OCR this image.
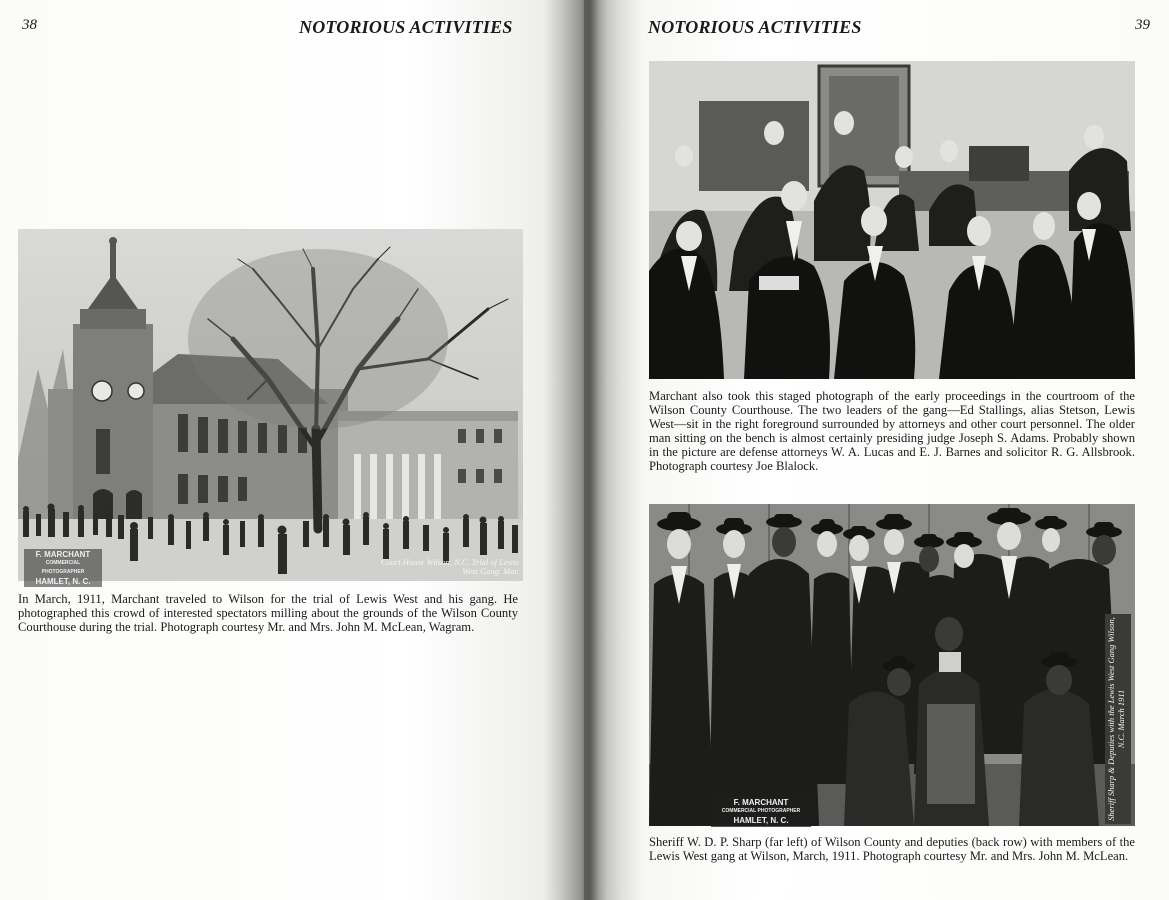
38	NOTORIOUS ACTIVITIES
F. MARCHANT
COMMERCIAL PHOTOGRAPHER
HAMLET, N. C.
Court House Wilson, N.C. Trial of Lewis West Gang. Mar.

In March, 1911, Marchant traveled to Wilson for the trial of Lewis West and his gang. He photographed this crowd of interested spectators milling about the grounds of the Wilson County Courthouse during the trial. Photograph courtesy Mr. and Mrs. John M. McLean, Wagram.

NOTORIOUS ACTIVITIES	39

Marchant also took this staged photograph of the early proceedings in the courtroom of the Wilson County Courthouse. The two leaders of the gang—Ed Stallings, alias Stetson, Lewis West—sit in the right foreground surrounded by attorneys and other court personnel. The older man sitting on the bench is almost certainly presiding judge Joseph S. Adams. Probably shown in the picture are defense attorneys W. A. Lucas and E. J. Barnes and solicitor R. G. Allsbrook. Photograph courtesy Joe Blalock.

F. MARCHANT
COMMERCIAL PHOTOGRAPHER
HAMLET, N. C.	Sheriff Sharp & Deputies with the Lewis West Gang Wilson, N.C. March 1911

Sheriff W. D. P. Sharp (far left) of Wilson County and deputies (back row) with members of the Lewis West gang at Wilson, March, 1911. Photograph courtesy Mr. and Mrs. John M. McLean.
